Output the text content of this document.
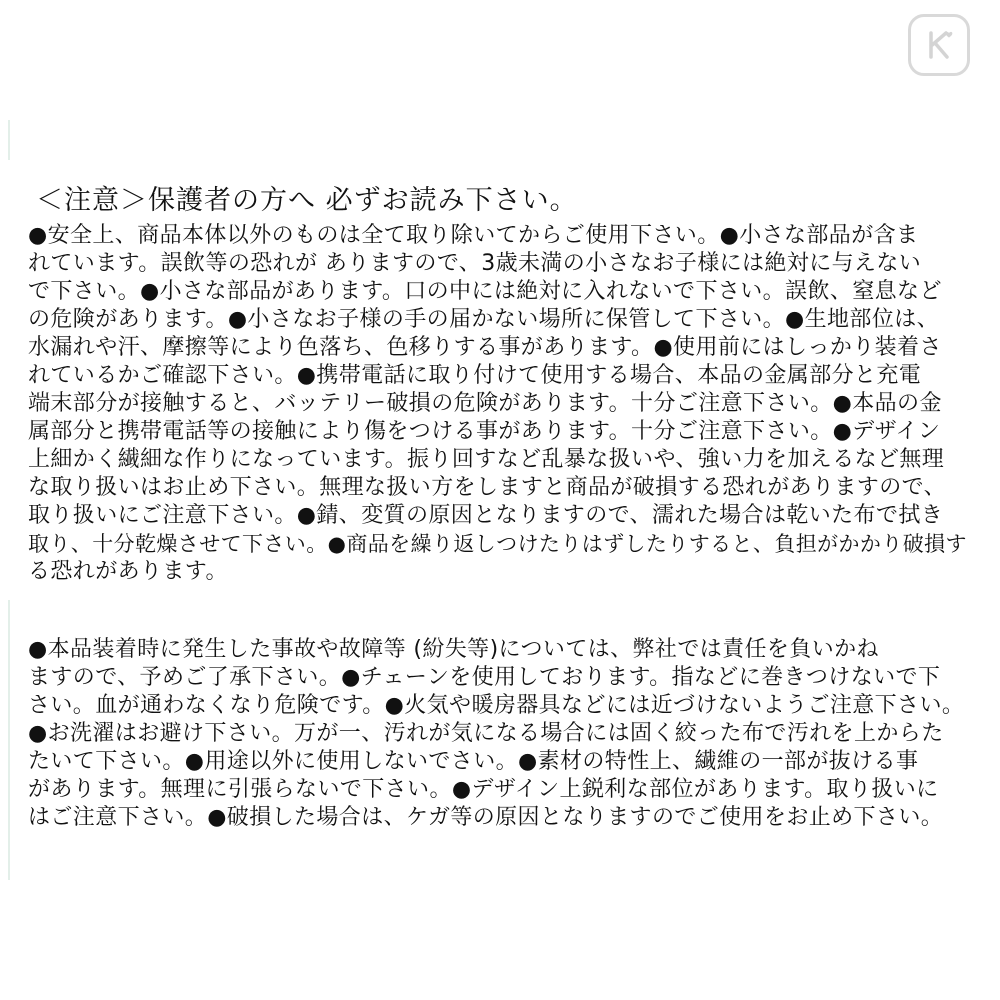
＜注意＞保護者の方へ 必ずお読み下さい。
●安全上、商品本体以外のものは全て取り除いてからご使用下さい。●小さな部品が含ま
れています。誤飲等の恐れが ありますので、3歳未満の小さなお子様には絶対に与えない
で下さい。●小さな部品があります。口の中には絶対に入れないで下さい。誤飲、窒息など
の危険があります。●小さなお子様の手の届かない場所に保管して下さい。●生地部位は、
水漏れや汗、摩擦等により色落ち、色移りする事があります。●使用前にはしっかり装着さ
れているかご確認下さい。●携帯電話に取り付けて使用する場合、本品の金属部分と充電
端末部分が接触すると、バッテリー破損の危険があります。十分ご注意下さい。●本品の金
属部分と携帯電話等の接触により傷をつける事があります。十分ご注意下さい。●デザイン
上細かく繊細な作りになっています。振り回すなど乱暴な扱いや、強い力を加えるなど無理
な取り扱いはお止め下さい。無理な扱い方をしますと商品が破損する恐れがありますので、
取り扱いにご注意下さい。●錆、変質の原因となりますので、濡れた場合は乾いた布で拭き
取り、十分乾燥させて下さい。●商品を繰り返しつけたりはずしたりすると、負担がかかり破損す
る恐れがあります。
●本品装着時に発生した事故や故障等 (紛失等)については、弊社では責任を負いかね
ますので、予めご了承下さい。●チェーンを使用しております。指などに巻きつけないで下
さい。血が通わなくなり危険です。●火気や暖房器具などには近づけないようご注意下さい。
●お洗濯はお避け下さい。万が一、汚れが気になる場合には固く絞った布で汚れを上からた
たいて下さい。●用途以外に使用しないでさい。●素材の特性上、繊維の一部が抜ける事
があります。無理に引張らないで下さい。●デザイン上鋭利な部位があります。取り扱いに
はご注意下さい。●破損した場合は、ケガ等の原因となりますのでご使用をお止め下さい。
